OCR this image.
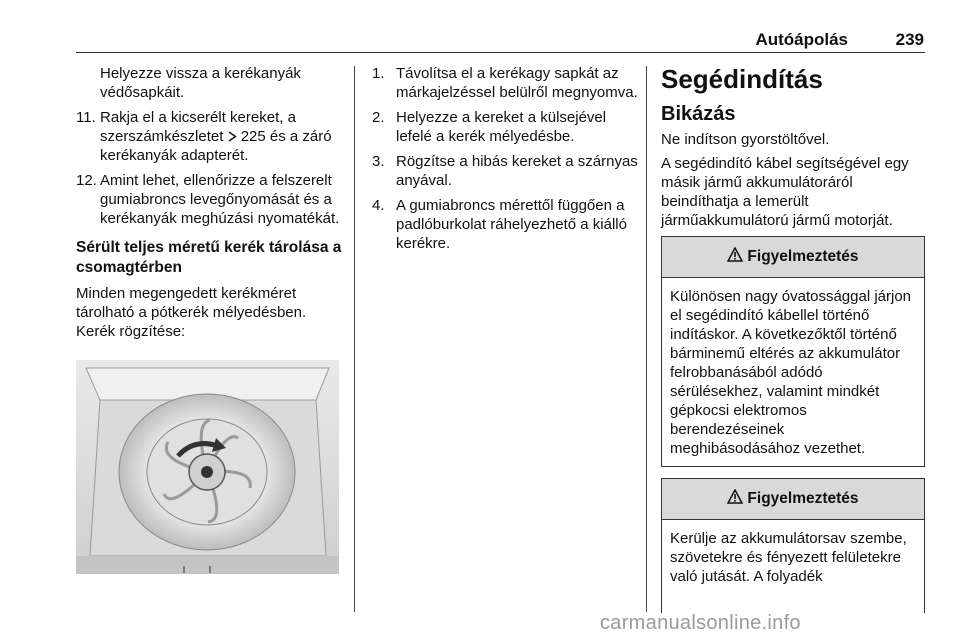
Autóápolás	239
Helyezze vissza a kerékanyák védősapkáit.
11. Rakja el a kicserélt kereket, a szerszámkészletet 225 és a záró kerékanyák adapterét.
12. Amint lehet, ellenőrizze a felszerelt gumiabroncs levegőnyomását és a kerékanyák meghúzási nyomatékát.
Sérült teljes méretű kerék tárolása a csomagtérben

Minden megengedett kerékméret tárolható a pótkerék mélyedésben. Kerék rögzítése:

1. Távolítsa el a kerékagy sapkát az márkajelzéssel belülről megnyomva.
2. Helyezze a kereket a külsejével lefelé a kerék mélyedésbe.
3. Rögzítse a hibás kereket a szárnyas anyával.
4. A gumiabroncs mérettől függően a padlóburkolat ráhelyezhető a kiálló kerékre.
Segédindítás
Bikázás

Ne indítson gyorstöltővel.

A segédindító kábel segítségével egy másik jármű akkumulátoráról beindíthatja a lemerült járműakkumulátorú jármű motorját.

Figyelmeztetés
Különösen nagy óvatossággal járjon el segédindító kábellel történő indításkor. A következőktől történő bárminemű eltérés az akkumulátor felrobbanásából adódó sérülésekhez, valamint mindkét gépkocsi elektromos berendezéseinek meghibásodásához vezethet.
Figyelmeztetés
Kerülje az akkumulátorsav szembe, szövetekre és fényezett felületekre való jutását. A folyadék
carmanualsonline.info
